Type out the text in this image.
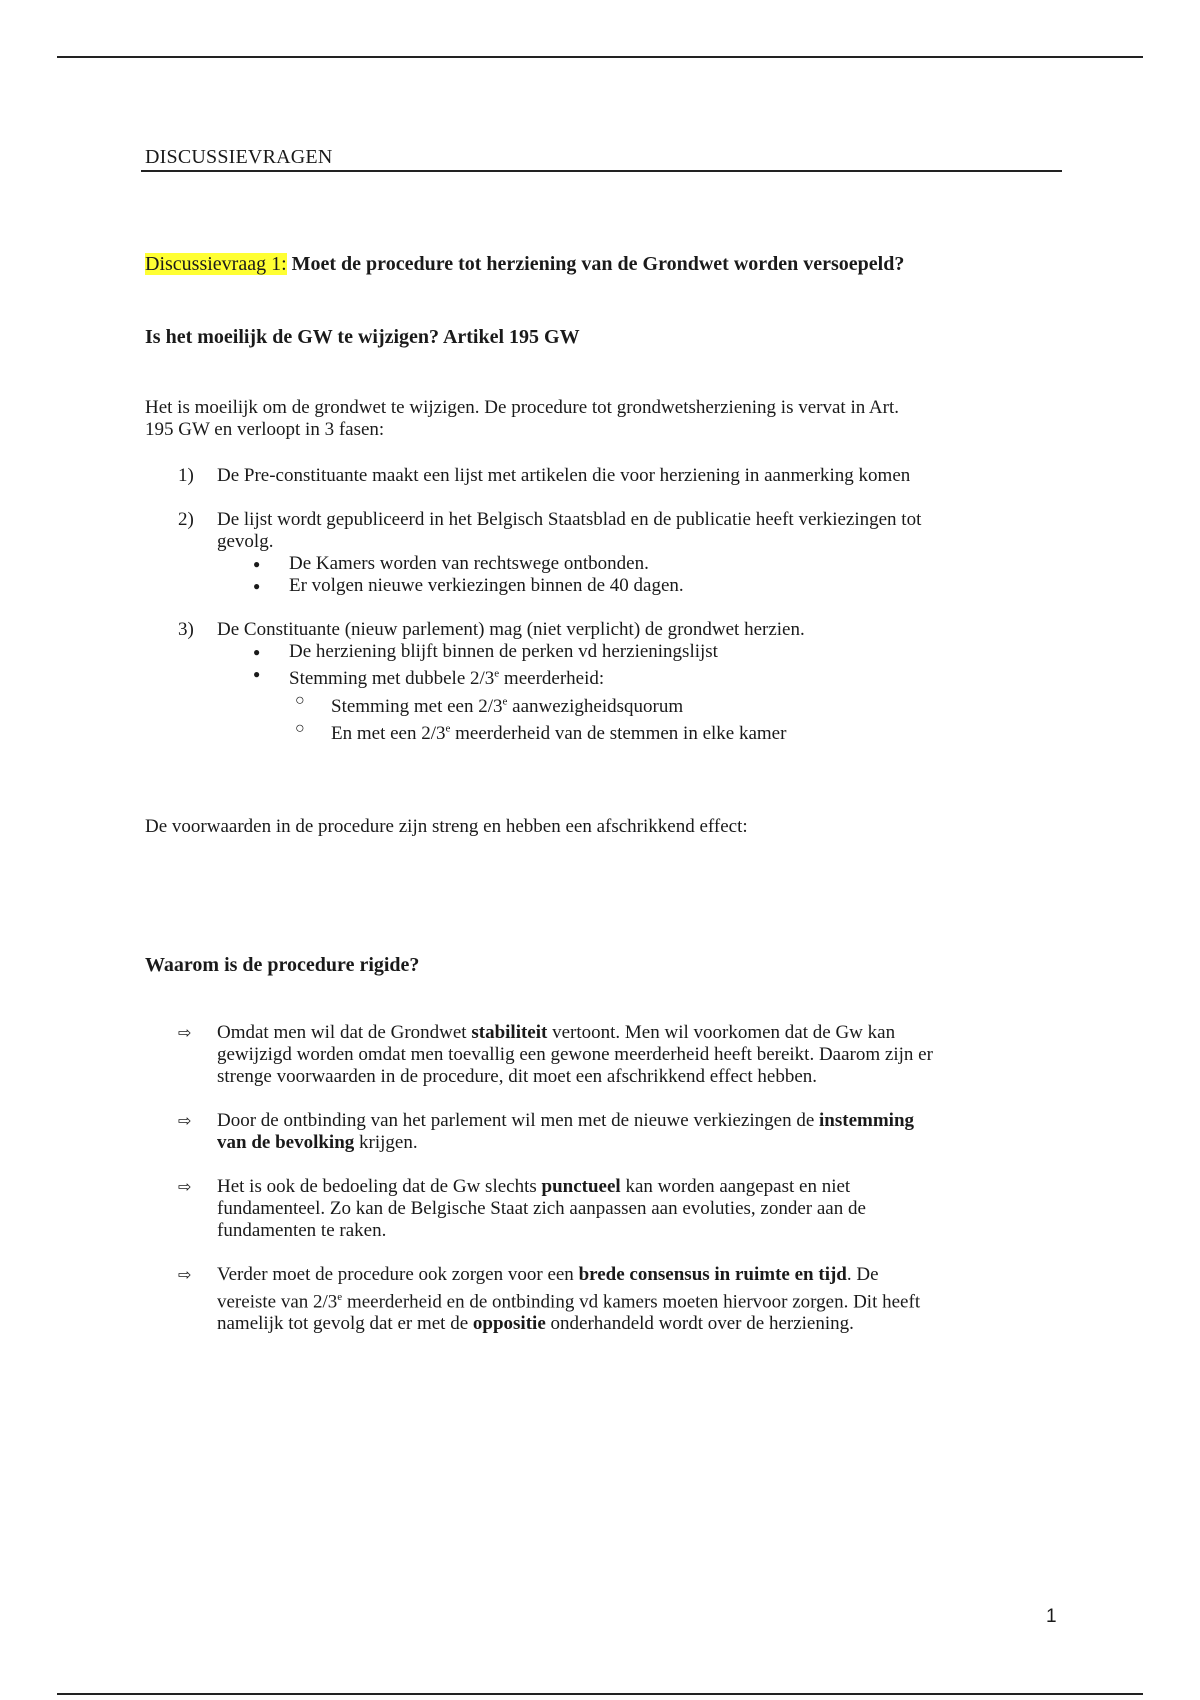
DISCUSSIEVRAGEN
Discussievraag 1: Moet de procedure tot herziening van de Grondwet worden versoepeld?
Is het moeilijk de GW te wijzigen? Artikel 195 GW
Het is moeilijk om de grondwet te wijzigen. De procedure tot grondwetsherziening is vervat in Art.
195 GW en verloopt in 3 fasen:
1) De Pre-constituante maakt een lijst met artikelen die voor herziening in aanmerking komen
2) De lijst wordt gepubliceerd in het Belgisch Staatsblad en de publicatie heeft verkiezingen tot
gevolg.
● De Kamers worden van rechtswege ontbonden.
● Er volgen nieuwe verkiezingen binnen de 40 dagen.
3) De Constituante (nieuw parlement) mag (niet verplicht) de grondwet herzien.
● De herziening blijft binnen de perken vd herzieningslijst
● Stemming met dubbele 2/3e meerderheid:
○ Stemming met een 2/3e aanwezigheidsquorum
○ En met een 2/3e meerderheid van de stemmen in elke kamer
De voorwaarden in de procedure zijn streng en hebben een afschrikkend effect:
Waarom is de procedure rigide?
⇨ Omdat men wil dat de Grondwet stabiliteit vertoont. Men wil voorkomen dat de Gw kan
gewijzigd worden omdat men toevallig een gewone meerderheid heeft bereikt. Daarom zijn er
strenge voorwaarden in de procedure, dit moet een afschrikkend effect hebben.
⇨ Door de ontbinding van het parlement wil men met de nieuwe verkiezingen de instemming
van de bevolking krijgen.
⇨ Het is ook de bedoeling dat de Gw slechts punctueel kan worden aangepast en niet
fundamenteel. Zo kan de Belgische Staat zich aanpassen aan evoluties, zonder aan de
fundamenten te raken.
⇨ Verder moet de procedure ook zorgen voor een brede consensus in ruimte en tijd. De
vereiste van 2/3e meerderheid en de ontbinding vd kamers moeten hiervoor zorgen. Dit heeft
namelijk tot gevolg dat er met de oppositie onderhandeld wordt over de herziening.
1
